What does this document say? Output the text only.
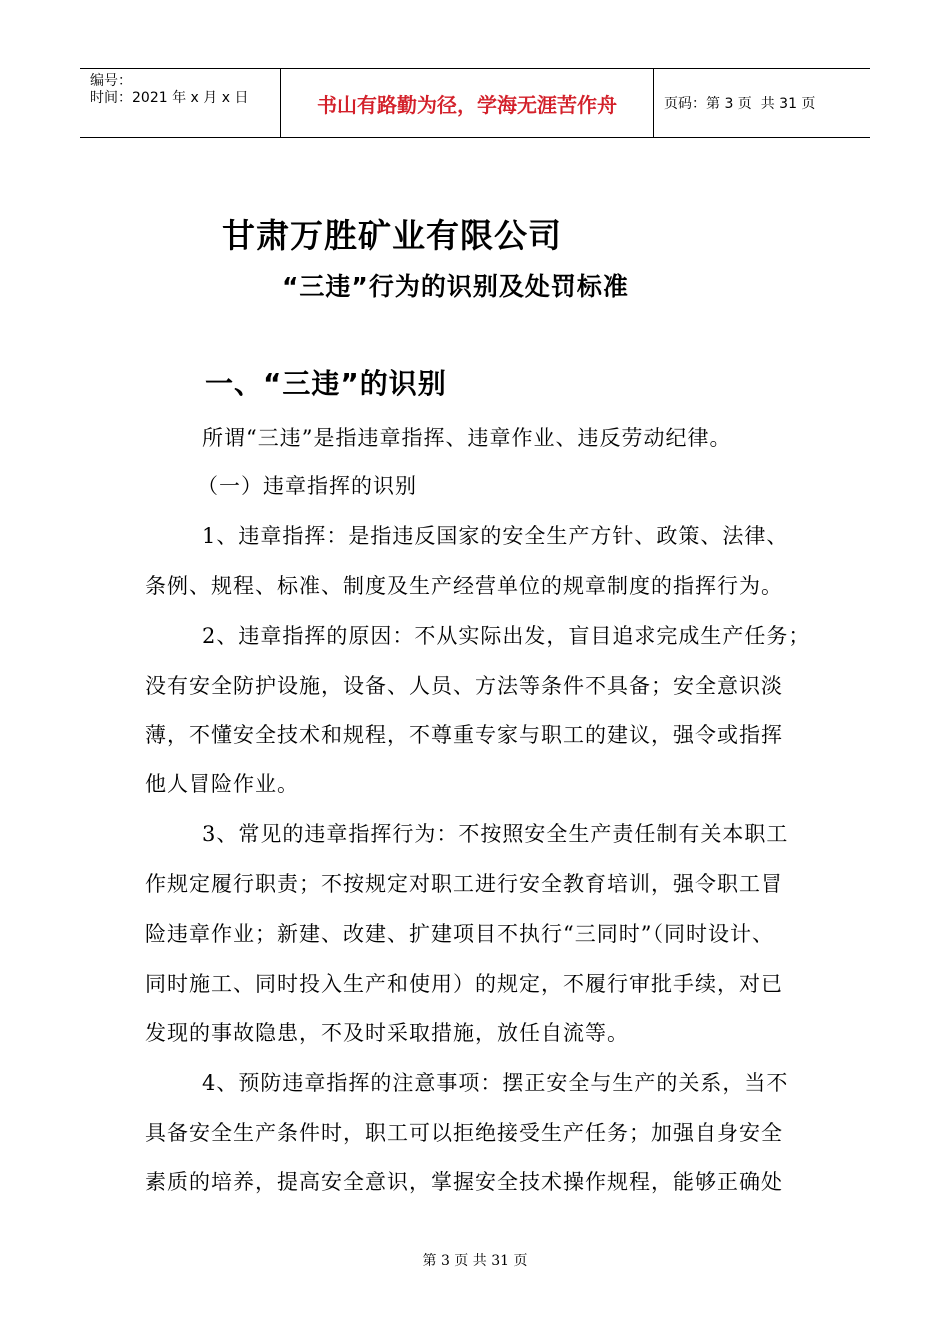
编号：
时间：2021 年 x 月 x 日	书山有路勤为径，学海无涯苦作舟	页码：第 3 页  共 31 页
甘肃万胜矿业有限公司
“三违”行为的识别及处罚标准
一、“三违”的识别
所谓“三违”是指违章指挥、违章作业、违反劳动纪律。
（一）违章指挥的识别
1、违章指挥：是指违反国家的安全生产方针、政策、法律、
条例、规程、标准、制度及生产经营单位的规章制度的指挥行为。
2、违章指挥的原因：不从实际出发，盲目追求完成生产任务；
没有安全防护设施，设备、人员、方法等条件不具备；安全意识淡
薄，不懂安全技术和规程，不尊重专家与职工的建议，强令或指挥
他人冒险作业。
3、常见的违章指挥行为：不按照安全生产责任制有关本职工
作规定履行职责；不按规定对职工进行安全教育培训，强令职工冒
险违章作业；新建、改建、扩建项目不执行“三同时”（同时设计、
同时施工、同时投入生产和使用）的规定，不履行审批手续，对已
发现的事故隐患，不及时采取措施，放任自流等。
4、预防违章指挥的注意事项：摆正安全与生产的关系，当不
具备安全生产条件时，职工可以拒绝接受生产任务；加强自身安全
素质的培养，提高安全意识，掌握安全技术操作规程，能够正确处
第 3 页 共 31 页
